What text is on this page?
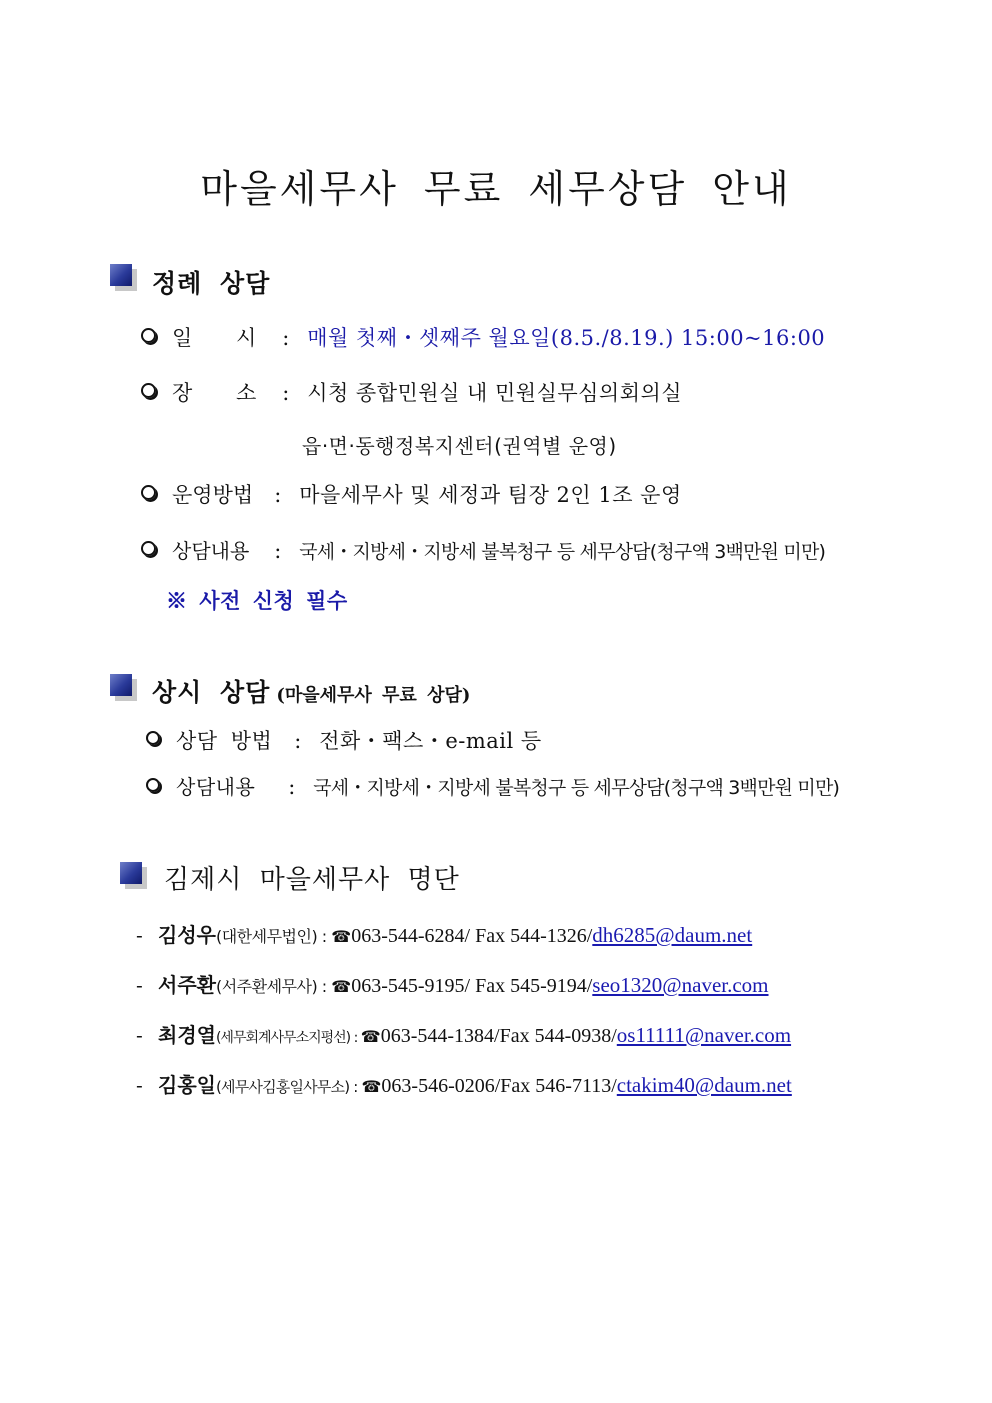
마을세무사 무료 세무상담 안내
정례 상담
일 시 : 매월 첫째・셋째주 월요일(8.5./8.19.) 15:00~16:00
장 소 : 시청 종합민원실 내 민원실무심의회의실
읍·면·동행정복지센터(권역별 운영)
운영방법 : 마을세무사 및 세정과 팀장 2인 1조 운영
상담내용 : 국세・지방세・지방세 불복청구 등 세무상담(청구액 3백만원 미만)
※ 사전 신청 필수
상시 상담 (마을세무사 무료 상담)
상담 방법 : 전화・팩스・e-mail 등
상담내용 : 국세・지방세・지방세 불복청구 등 세무상담(청구액 3백만원 미만)
김제시 마을세무사 명단
- 김성우(대한세무법인) : ☎063-544-6284/ Fax 544-1326/dh6285@daum.net
- 서주환(서주환세무사) : ☎063-545-9195/ Fax 545-9194/seo1320@naver.com
- 최경열(세무회계사무소지평선) : ☎063-544-1384/Fax 544-0938/os11111@naver.com
- 김홍일(세무사김홍일사무소) : ☎063-546-0206/Fax 546-7113/ctakim40@daum.net
